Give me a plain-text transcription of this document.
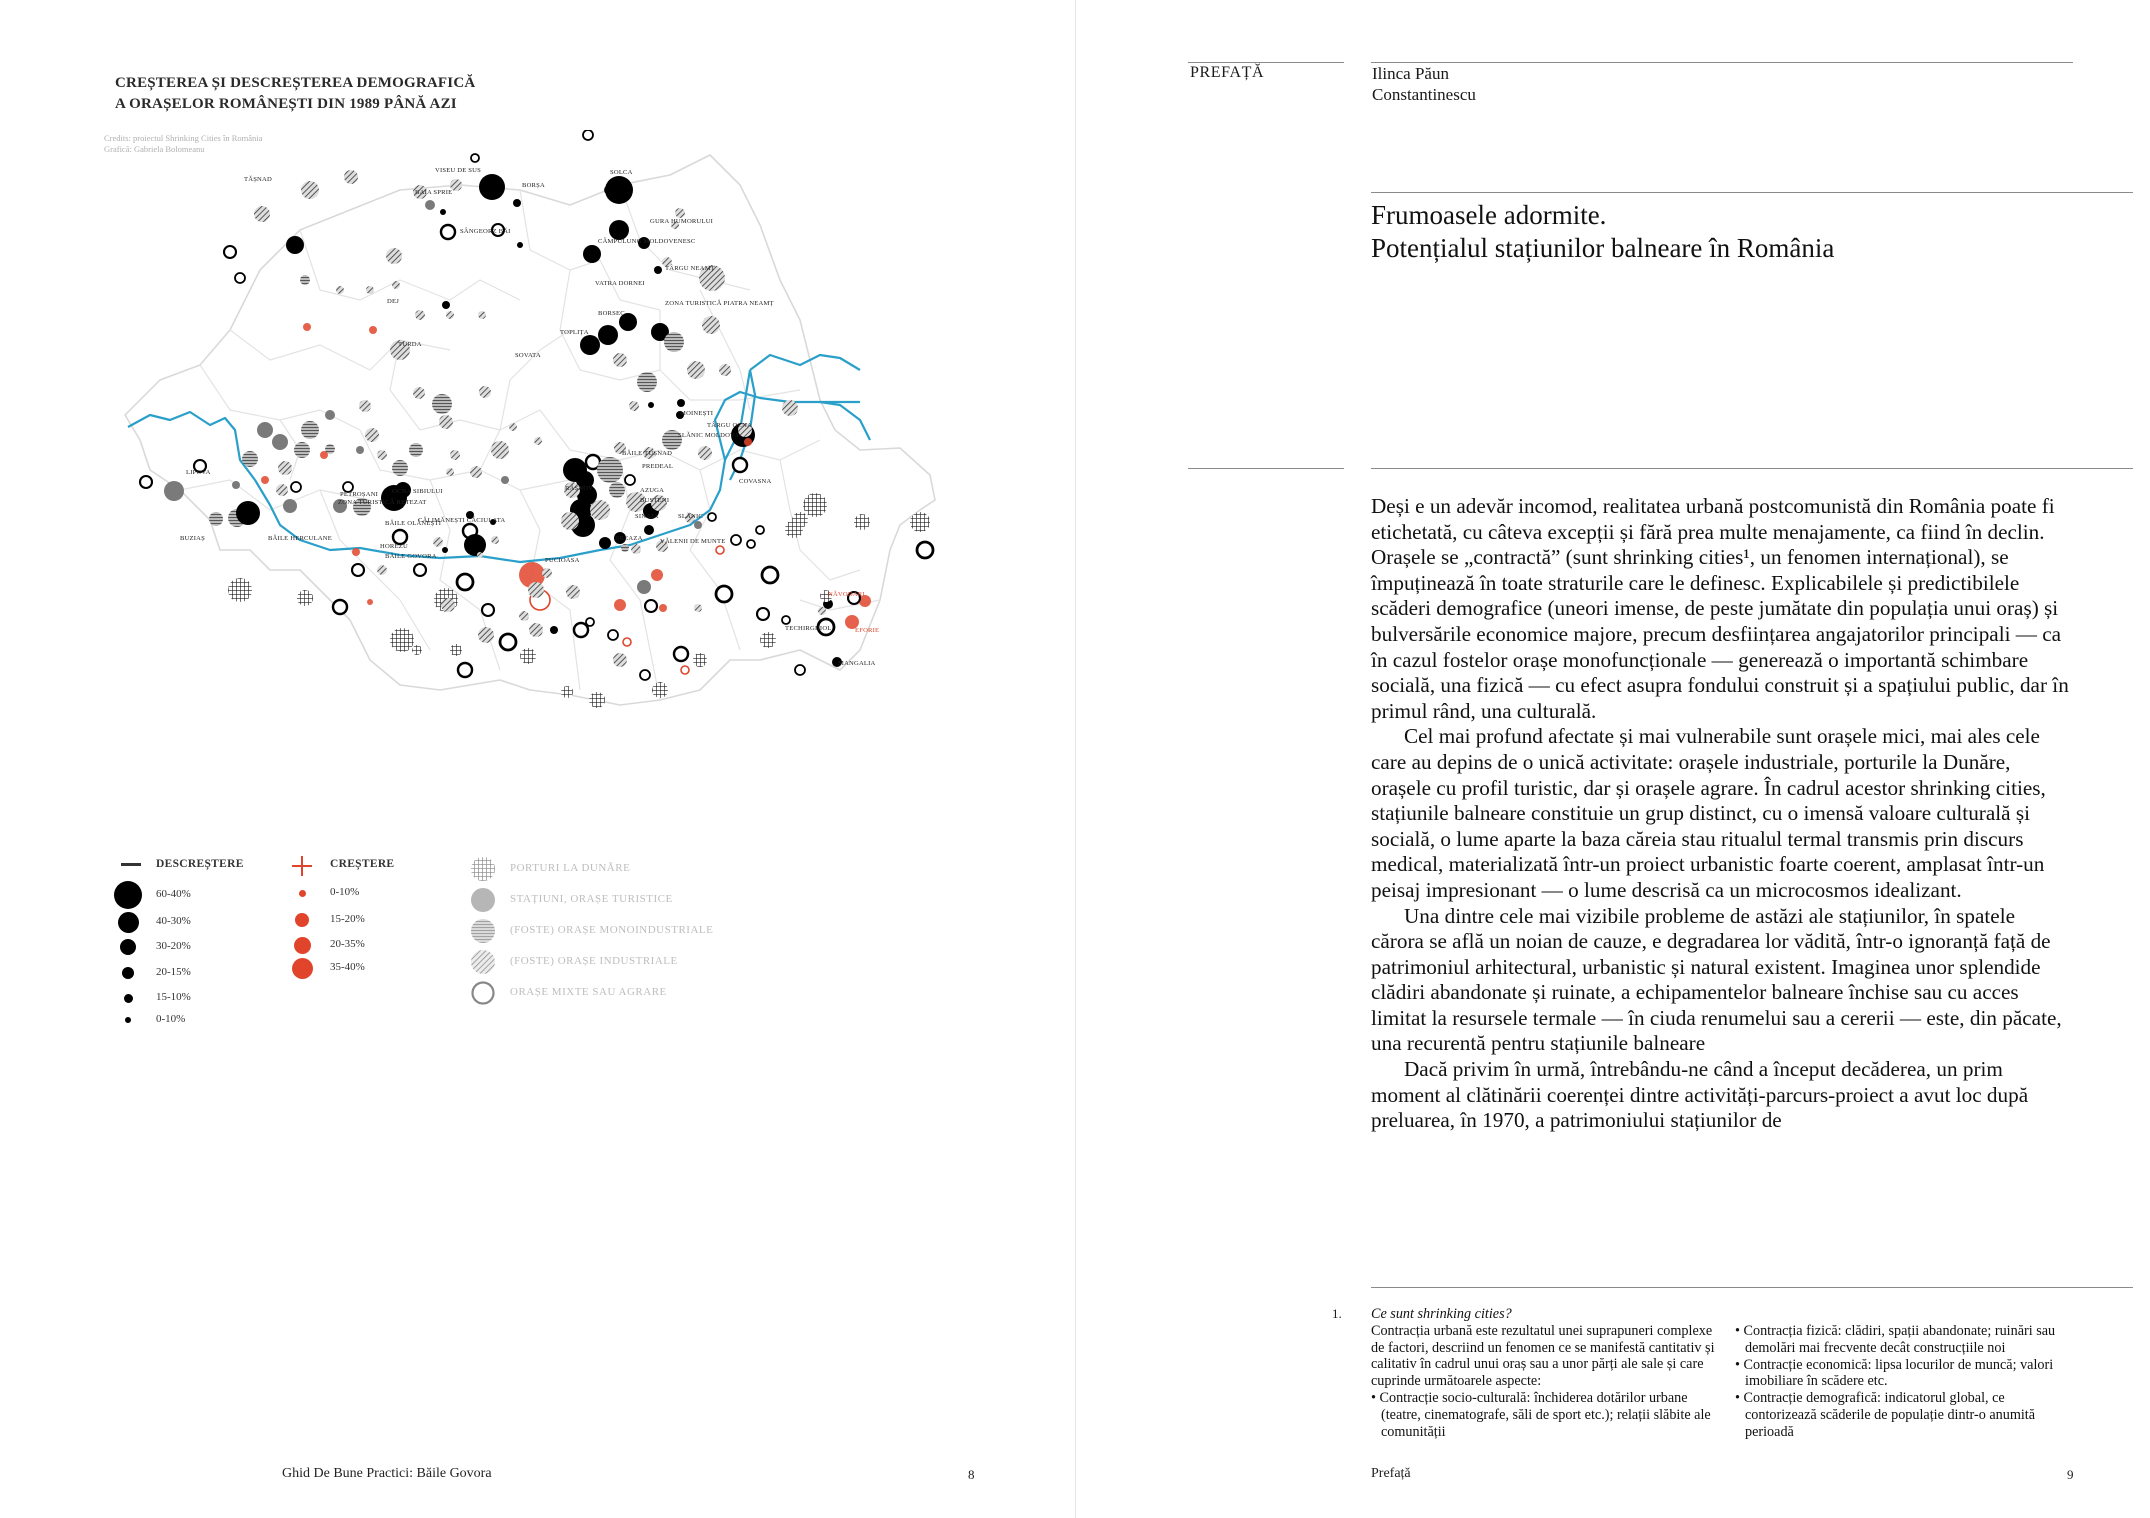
CREȘTEREA ȘI DESCREȘTEREA DEMOGRAFICĂ
A ORAȘELOR ROMÂNEȘTI DIN 1989 PÂNĂ AZI
Credits: proiectul Shrinking Cities în România
Grafică: Gabriela Bolomeanu
VISEU DE SUS
BORȘA
BAIA SPRIE
SÂNGEORZ BĂI
TĂȘNAD
SOLCA
GURA HUMORULUI
CÂMPULUNG MOLDOVENESC
TÂRGU NEAMȚ
VATRA DORNEI
DEJ
BORSEC
ZONA TURISTICĂ PIATRA NEAMȚ
TOPLIȚA
TURDA
SOVATA
MOINEȘTI
TÂRGU OCNA
SLĂNIC MOLDOVA
BĂILE TUȘNAD
LIPOVA
OCNA SIBIULUI
COVASNA
BUZIAȘ
PREDEAL
PETROȘANI
ZONA TURISTICĂ RETEZAT
RÂȘNOV	AZUGA
BUȘTENI
BĂILE OLĂNEȘTI
CĂLIMĂNEȘTI CĂCIULATA
SINAIA	SLĂNIC
BREAZA	VĂLENII DE MUNTE
BĂILE HERCULANE
HOREZU
BĂILE GOVORA
PUCIOASA
NĂVODARI
TECHIRGHIOL	EFORIE
MANGALIA
DESCREȘTERE
60-40%
40-30%
30-20%
20-15%
15-10%
0-10%
CREȘTERE
0-10%
15-20%
20-35%
35-40%
PORTURI LA DUNĂRE
STAȚIUNI, ORAȘE TURISTICE
(FOSTE) ORAȘE MONOINDUSTRIALE
(FOSTE) ORAȘE INDUSTRIALE
ORAȘE MIXTE SAU AGRARE
Ghid De Bune Practici: Băile Govora	8
PREFAȚĂ	Ilinca Păun
Constantinescu
Frumoasele adormite.
Potențialul stațiunilor balneare în România

Deși e un adevăr incomod, realitatea urbană postcomunistă din România poate fi etichetată, cu câteva excepții și fără prea multe menajamente, ca fiind în declin. Orașele se „contractă” (sunt shrinking cities¹, un fenomen internațional), se împuținează în toate straturile care le definesc. Explicabilele și predictibilele scăderi demografice (uneori imense, de peste jumătate din populația unui oraș) și bulversările economice majore, precum desființarea angajatorilor principali — ca în cazul fostelor orașe monofuncționale — generează o importantă schimbare socială, una fizică — cu efect asupra fondului construit și a spațiului public, dar în primul rând, una culturală.

Cel mai profund afectate și mai vulnerabile sunt orașele mici, mai ales cele care au depins de o unică activitate: orașele industriale, porturile la Dunăre, orașele cu profil turistic, dar și orașele agrare. În cadrul acestor shrinking cities, stațiunile balneare constituie un grup distinct, cu o imensă valoare culturală și socială, o lume aparte la baza căreia stau ritualul termal transmis prin discurs medical, materializată într-un proiect urbanistic foarte coerent, amplasat într-un peisaj impresionant — o lume descrisă ca un microcosmos idealizant.

Una dintre cele mai vizibile probleme de astăzi ale stațiunilor, în spatele cărora se află un noian de cauze, e degradarea lor vădită, într-o ignoranță față de patrimoniul arhitectural, urbanistic și natural existent. Imaginea unor splendide clădiri abandonate și ruinate, a echipamentelor balneare închise sau cu acces limitat la resursele termale — în ciuda renumelui sau a cererii — este, din păcate, una recurentă pentru stațiunile balneare

Dacă privim în urmă, întrebându-ne când a început decăderea, un prim moment al clătinării coerenței dintre activități-parcurs-proiect a avut loc după preluarea, în 1970, a patrimoniului stațiunilor de

1. Ce sunt shrinking cities?
Contracția urbană este rezultatul unei suprapuneri complexe de factori, descriind un fenomen ce se manifestă cantitativ și calitativ în cadrul unui oraș sau a unor părți ale sale și care cuprinde următoarele aspecte:
• Contracție socio-culturală: închiderea dotărilor urbane (teatre, cinematografe, săli de sport etc.); relații slăbite ale comunității
• Contracția fizică: clădiri, spații abandonate; ruinări sau demolări mai frecvente decât construcțiile noi
• Contracție economică: lipsa locurilor de muncă; valori imobiliare în scădere etc.
• Contracție demografică: indicatorul global, ce contorizează scăderile de populație dintr-o anumită perioadă
Prefață	9
